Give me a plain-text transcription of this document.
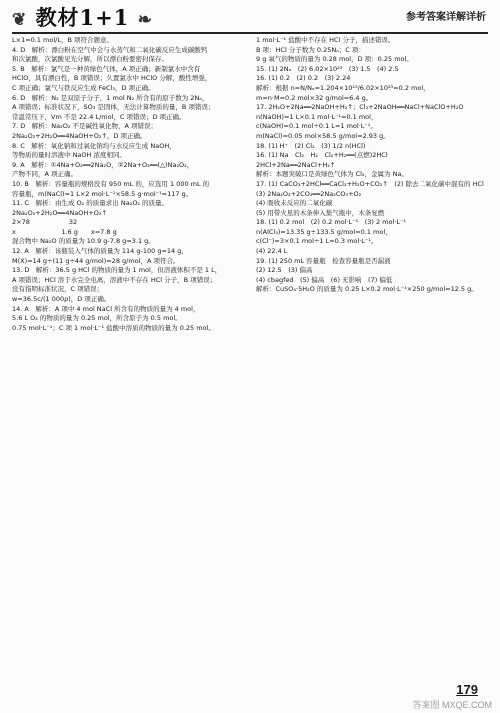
❦ 教材1+1 ❧	参考答案详解详析

L×1=0.1 mol/L，B 项符合题意。

4. D　解析：漂白粉在空气中会与水蒸气和二氧化碳反应生成碳酸钙

和次氯酸，次氯酸见光分解，所以漂白粉要密封保存。

5. B　解析：氯气是一种黄绿色气体，A 项正确；新制氯水中含有

HClO，具有漂白性，B 项错误；久置氯水中 HClO 分解，酸性增强，

C 项正确；氯气与铁反应生成 FeCl₃，D 项正确。

6. D　解析：N₂ 是双原子分子，1 mol N₂ 所含有的原子数为 2Nₐ，

A 项错误；标准状况下，SO₃ 是固体，无法计算物质的量，B 项错误；

常温常压下，Vm 不是 22.4 L/mol，C 项错误；D 项正确。

7. D　解析：Na₂O₂ 不是碱性氧化物，A 项错误；

2Na₂O₂+2H₂O══4NaOH+O₂↑，D 项正确。

8. C　解析：氧化钠和过氧化钠均与水反应生成 NaOH，

等物质的量时溶液中 NaOH 浓度相同。

9. A　解析：①4Na+O₂══2Na₂O，②2Na+O₂══(△)Na₂O₂，

产物不同，A 项正确。

10. B　解析：容量瓶的规格没有 950 mL 的，应选用 1 000 mL 的

容量瓶，m(NaCl)=1 L×2 mol·L⁻¹×58.5 g·mol⁻¹=117 g。

11. C　解析：由生成 O₂ 的质量求出 Na₂O₂ 的质量。

2Na₂O₂+2H₂O══4NaOH+O₂↑

2×78　　　　　　32

x　　　　　　　1.6 g　　x=7.8 g

混合物中 Na₂O 的质量为 10.9 g-7.8 g=3.1 g。

12. A　解析：该瓶装入气体的质量为 114 g-100 g=14 g，

M(X)=14 g÷(11 g÷44 g/mol)=28 g/mol，A 项符合。

13. D　解析：36.5 g HCl 的物质的量为 1 mol，但溶液体积不是 1 L，

A 项错误；HCl 溶于水完全电离，溶液中不存在 HCl 分子，B 项错误；

没有指明标准状况，C 项错误；

w=36.5c/(1 000ρ)，D 项正确。

14. A　解析：A 项中 4 mol NaCl 所含有的物质的量为 4 mol，

5.6 L O₂ 的物质的量为 0.25 mol，所含原子为 0.5 mol。

0.75 mol·L⁻¹；C 项 1 mol·L⁻¹ 盐酸中溶质的物质的量为 0.25 mol。

1 mol·L⁻¹ 盐酸中不存在 HCl 分子，描述错误。

B 项：HCl 分子数为 0.25Nₐ；C 项：

9 g 氧气的物质的量为 0.28 mol，D 项：0.25 mol。

15. (1) 2Nₐ　(2) 6.02×10²³　(3) 1.5　(4) 2.5

16. (1) 0.2　(2) 0.2　(3) 2.24

解析：根据 n=N/Nₐ=1.204×10²³/6.02×10²³=0.2 mol，

m=n·M=0.2 mol×32 g/mol=6.4 g。

17. 2H₂O+2Na══2NaOH+H₂↑；Cl₂+2NaOH══NaCl+NaClO+H₂O

n(NaOH)=1 L×0.1 mol·L⁻¹=0.1 mol，

c(NaOH)=0.1 mol÷0.1 L=1 mol·L⁻¹。

m(NaCl)=0.05 mol×58.5 g/mol≈2.93 g。

18. (1) H⁺　(2) Cl₂　(3) 1/2 n(HCl)

16. (1) Na　Cl₂　H₂　Cl₂+H₂══(点燃)2HCl

2HCl+2Na══2NaCl+H₂↑

解析：本题突破口是黄绿色气体为 Cl₂，金属为 Na。

17. (1) CaCO₃+2HCl══CaCl₂+H₂O+CO₂↑　(2) 除去二氧化碳中混有的 HCl

(3) 2Na₂O₂+2CO₂══2Na₂CO₃+O₂

(4) 吸收未反应的二氧化碳

(5) 用带火星的木条伸入集气瓶中，木条复燃

18. (1) 0.2 mol　(2) 0.2 mol·L⁻¹　(3) 2 mol·L⁻¹

n(AlCl₃)=13.35 g÷133.5 g/mol=0.1 mol，

c(Cl⁻)=3×0.1 mol÷1 L=0.3 mol·L⁻¹。

(4) 22.4 L

19. (1) 250 mL 容量瓶　检查容量瓶是否漏液

(2) 12.5　(3) 偏高

(4) cbagfed　(5) 偏高　(6) 无影响　(7) 偏低

解析：CuSO₄·5H₂O 的质量为 0.25 L×0.2 mol·L⁻¹×250 g/mol=12.5 g。

179
答案圈 MXQE.COM
